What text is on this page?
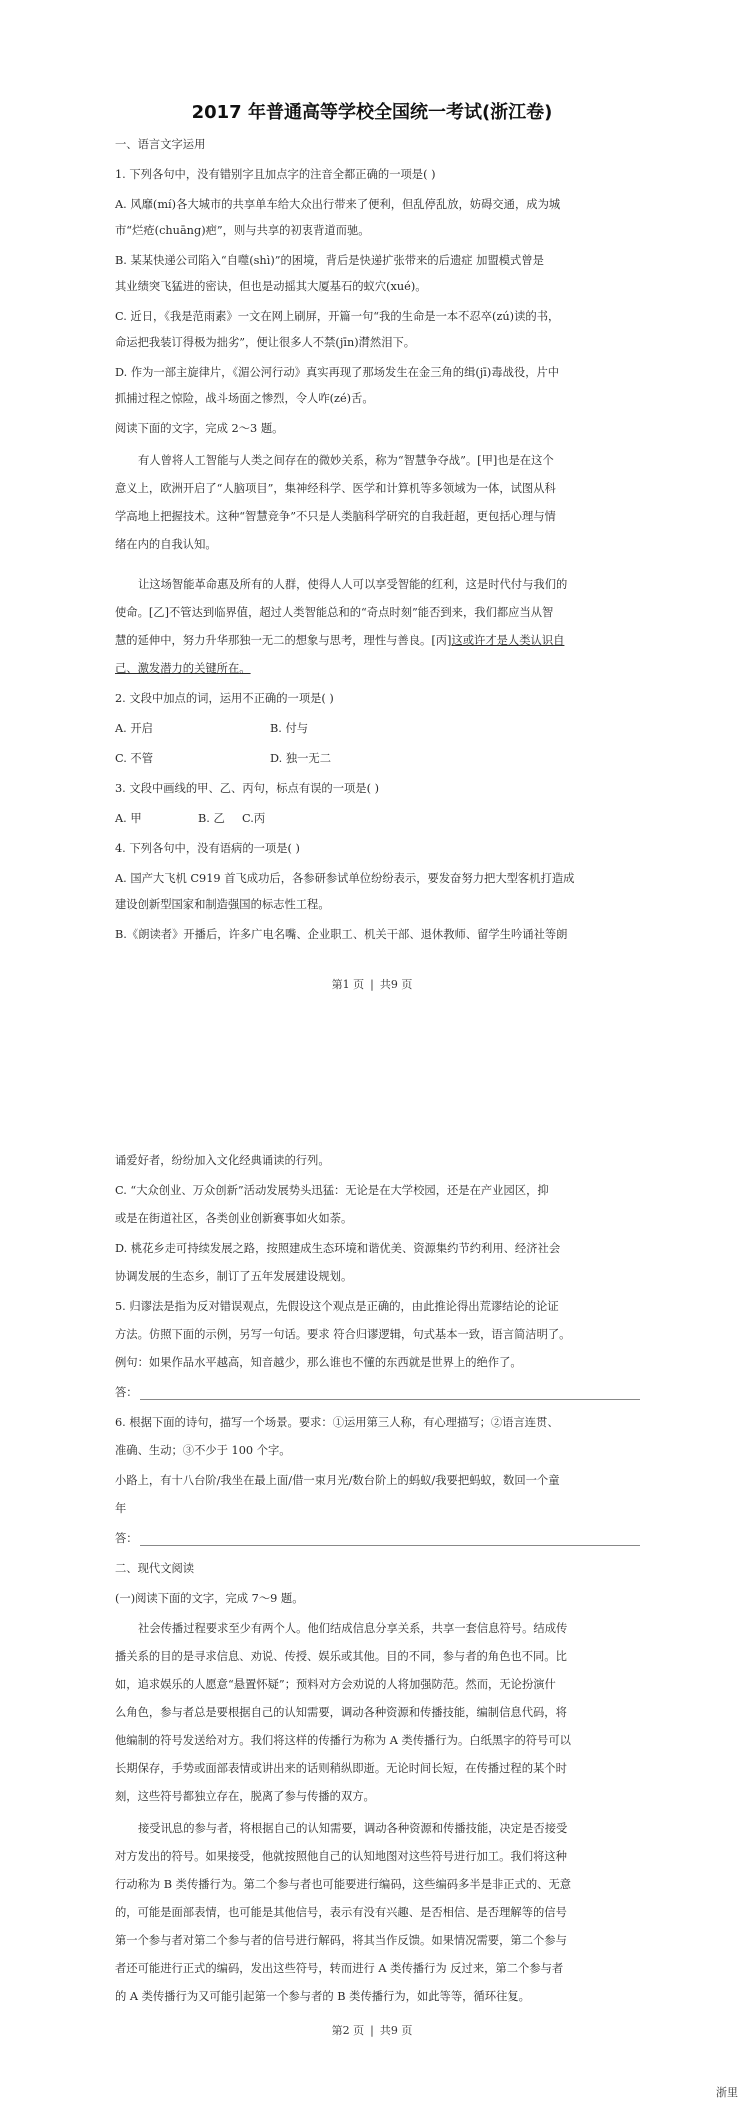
2017 年普通高等学校全国统一考试(浙江卷)
一、语言文字运用
1. 下列各句中，没有错别字且加点字的注音全都正确的一项是( )
A. 风靡(mí)各大城市的共享单车给大众出行带来了便利，但乱停乱放，妨碍交通，成为城
市“烂疮(chuāng)疤”，则与共享的初衷背道而驰。
B. 某某快递公司陷入“自噬(shì)”的困境，背后是快递扩张带来的后遗症 加盟模式曾是
其业绩突飞猛进的密诀，但也是动摇其大厦基石的蚁穴(xué)。
C. 近日，《我是范雨素》一文在网上刷屏，开篇一句“我的生命是一本不忍卒(zú)读的书，
命运把我装订得极为拙劣”，便让很多人不禁(jīn)潸然泪下。
D. 作为一部主旋律片，《湄公河行动》真实再现了那场发生在金三角的缉(jī)毒战役，片中
抓捕过程之惊险，战斗场面之惨烈，令人咋(zé)舌。
阅读下面的文字，完成 2～3 题。
有人曾将人工智能与人类之间存在的微妙关系，称为“智慧争夺战”。[甲]也是在这个
意义上，欧洲开启了“人脑项目”，集神经科学、医学和计算机等多领域为一体，试图从科
学高地上把握技术。这种“智慧竞争”不只是人类脑科学研究的自我赶超，更包括心理与情
绪在内的自我认知。
让这场智能革命惠及所有的人群，使得人人可以享受智能的红利，这是时代付与我们的
使命。[乙]不管达到临界值，超过人类智能总和的“奇点时刻”能否到来，我们都应当从智
慧的延伸中，努力升华那独一无二的想象与思考，理性与善良。[丙]这或许才是人类认识自
己、激发潜力的关键所在。
2. 文段中加点的词，运用不正确的一项是( )
A. 开启	B. 付与
C. 不管	D. 独一无二
3. 文段中画线的甲、乙、丙句，标点有误的一项是( )
A. 甲	B. 乙 C.丙
4. 下列各句中，没有语病的一项是( )
A. 国产大飞机 C919 首飞成功后，各参研参试单位纷纷表示，要发奋努力把大型客机打造成
建设创新型国家和制造强国的标志性工程。
B.《朗读者》开播后，许多广电名嘴、企业职工、机关干部、退休教师、留学生吟诵社等朗
第1 页 | 共9 页
诵爱好者，纷纷加入文化经典诵读的行列。
C. “大众创业、万众创新”活动发展势头迅猛：无论是在大学校园，还是在产业园区，抑
或是在街道社区，各类创业创新赛事如火如荼。
D. 桃花乡走可持续发展之路，按照建成生态环境和谐优美、资源集约节约利用、经济社会
协调发展的生态乡，制订了五年发展建设规划。
5. 归谬法是指为反对错误观点，先假设这个观点是正确的，由此推论得出荒谬结论的论证
方法。仿照下面的示例，另写一句话。要求 符合归谬逻辑，句式基本一致，语言简洁明了。
例句：如果作品水平越高，知音越少，那么谁也不懂的东西就是世界上的绝作了。
答：
6. 根据下面的诗句，描写一个场景。要求：①运用第三人称，有心理描写；②语言连贯、
准确、生动；③不少于 100 个字。
小路上，有十八台阶/我坐在最上面/借一束月光/数台阶上的蚂蚁/我要把蚂蚁，数回一个童
年
答：
二、现代文阅读
(一)阅读下面的文字，完成 7～9 题。
社会传播过程要求至少有两个人。他们结成信息分享关系，共享一套信息符号。结成传
播关系的目的是寻求信息、劝说、传授、娱乐或其他。目的不同，参与者的角色也不同。比
如，追求娱乐的人愿意“悬置怀疑”；预料对方会劝说的人将加强防范。然而，无论扮演什
么角色，参与者总是要根据自己的认知需要，调动各种资源和传播技能，编制信息代码，将
他编制的符号发送给对方。我们将这样的传播行为称为 A 类传播行为。白纸黑字的符号可以
长期保存，手势或面部表情或讲出来的话则稍纵即逝。无论时间长短，在传播过程的某个时
刻，这些符号都独立存在，脱离了参与传播的双方。
接受讯息的参与者，将根据自己的认知需要，调动各种资源和传播技能，决定是否接受
对方发出的符号。如果接受，他就按照他自己的认知地图对这些符号进行加工。我们将这种
行动称为 B 类传播行为。第二个参与者也可能要进行编码，这些编码多半是非正式的、无意
的，可能是面部表情，也可能是其他信号，表示有没有兴趣、是否相信、是否理解等的信号
第一个参与者对第二个参与者的信号进行解码，将其当作反馈。如果情况需要，第二个参与
者还可能进行正式的编码，发出这些符号，转而进行 A 类传播行为 反过来，第二个参与者
的 A 类传播行为又可能引起第一个参与者的 B 类传播行为，如此等等，循环往复。
第2 页 | 共9 页
浙里
